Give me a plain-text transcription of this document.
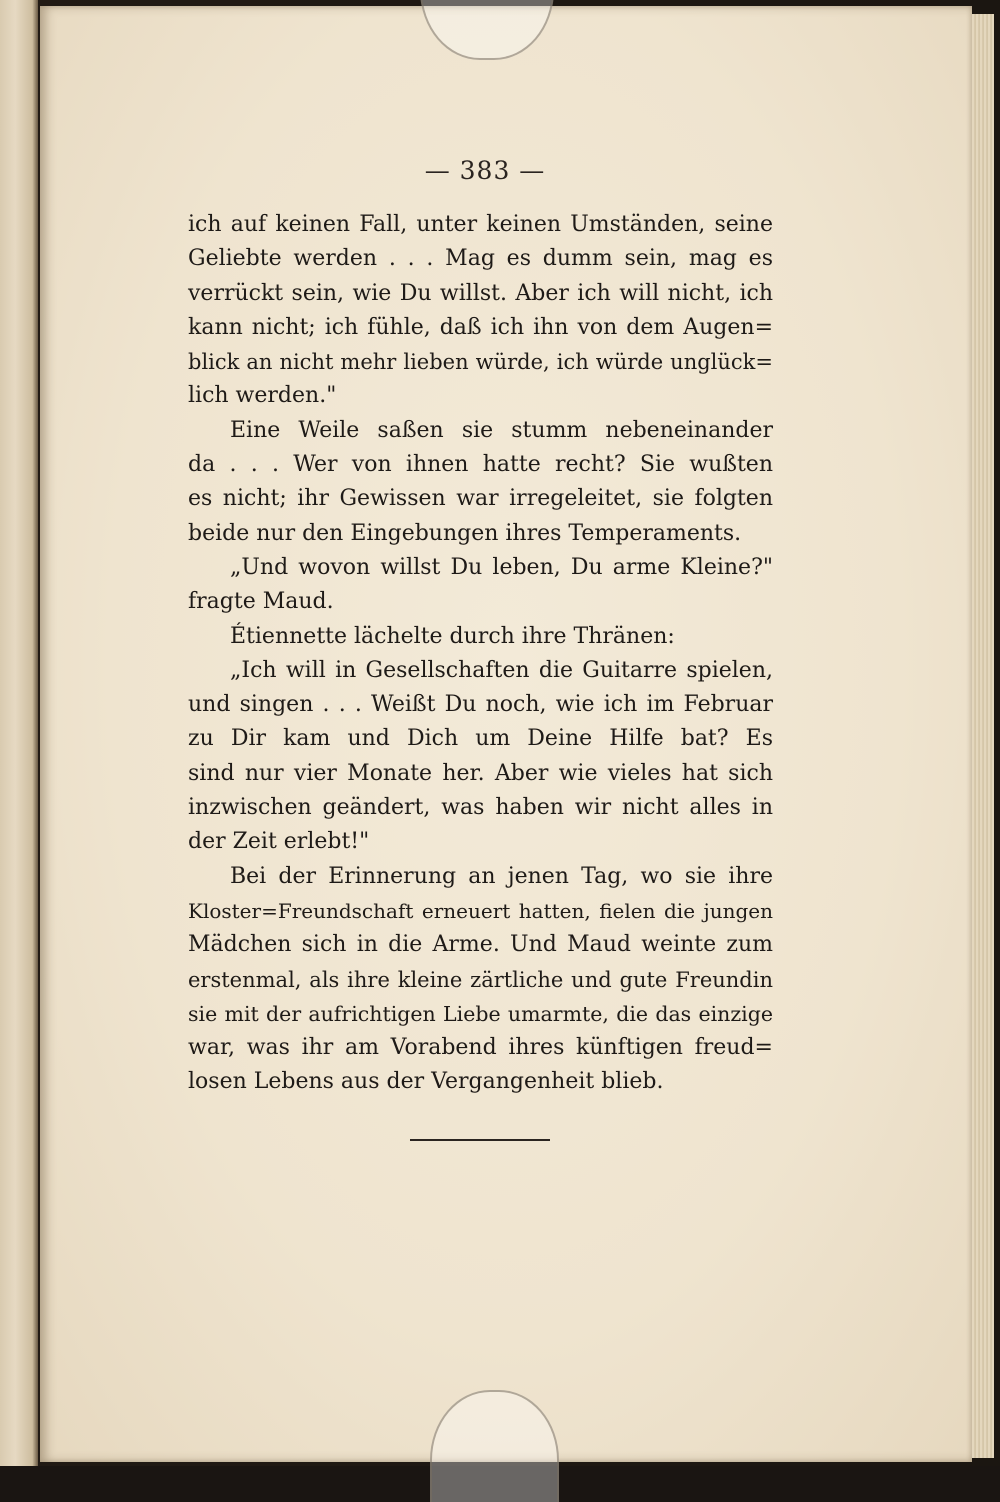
— 383 —
ich auf keinen Fall, unter keinen Umständen, seine
Geliebte werden . . . Mag es dumm sein, mag es
verrückt sein, wie Du willst. Aber ich will nicht, ich
kann nicht; ich fühle, daß ich ihn von dem Augen=
blick an nicht mehr lieben würde, ich würde unglück=
lich werden."
Eine Weile saßen sie stumm nebeneinander
da . . . Wer von ihnen hatte recht? Sie wußten
es nicht; ihr Gewissen war irregeleitet, sie folgten
beide nur den Eingebungen ihres Temperaments.
„Und wovon willst Du leben, Du arme Kleine?"
fragte Maud.
Étiennette lächelte durch ihre Thränen:
„Ich will in Gesellschaften die Guitarre spielen,
und singen . . . Weißt Du noch, wie ich im Februar
zu Dir kam und Dich um Deine Hilfe bat? Es
sind nur vier Monate her. Aber wie vieles hat sich
inzwischen geändert, was haben wir nicht alles in
der Zeit erlebt!"
Bei der Erinnerung an jenen Tag, wo sie ihre
Kloster=Freundschaft erneuert hatten, fielen die jungen
Mädchen sich in die Arme. Und Maud weinte zum
erstenmal, als ihre kleine zärtliche und gute Freundin
sie mit der aufrichtigen Liebe umarmte, die das einzige
war, was ihr am Vorabend ihres künftigen freud=
losen Lebens aus der Vergangenheit blieb.
